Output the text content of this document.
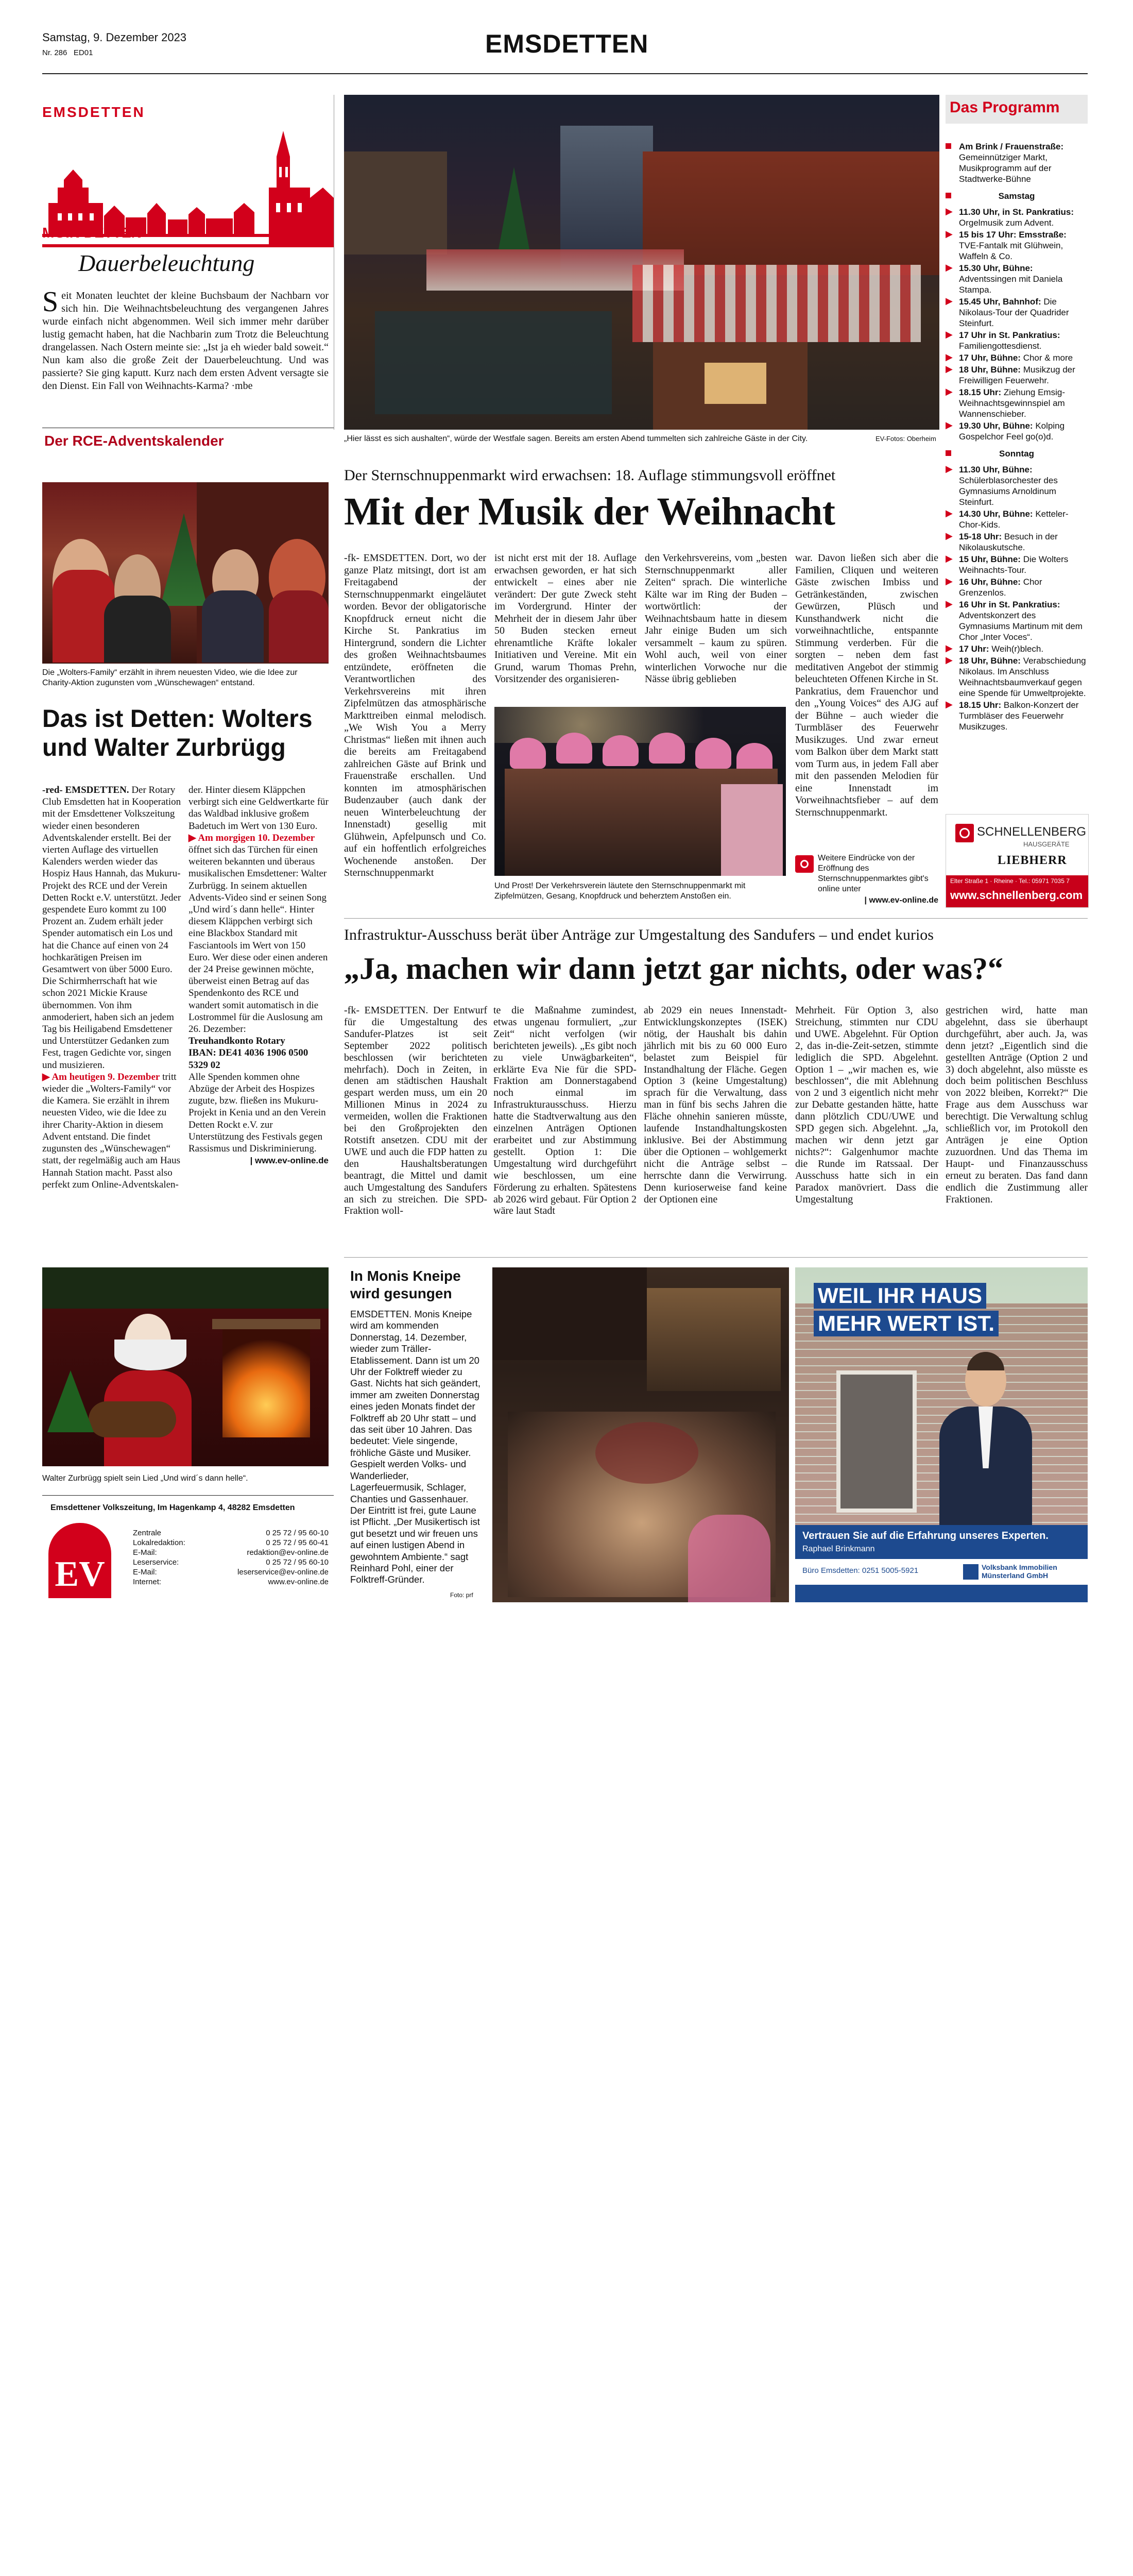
Samstag, 9. Dezember 2023
Nr. 286 ED01	EMSDETTEN
EMSDETTEN
MOIN DETTEN
Dauerbeleuchtung
Seit Monaten leuchtet der kleine Buchsbaum der Nachbarn vor sich hin. Die Weihnachtsbeleuchtung des vergangenen Jahres wurde einfach nicht abgenommen. Weil sich immer mehr darüber lustig gemacht haben, hat die Nachbarin zum Trotz die Beleuchtung drangelassen. Nach Ostern meinte sie: „Ist ja eh wieder bald soweit.“ Nun kam also die große Zeit der Dauerbeleuchtung. Und was passierte? Sie ging kaputt. Kurz nach dem ersten Advent versagte sie den Dienst. Ein Fall von Weihnachts-Karma? ·mbe
Der RCE-Adventskalender
Die „Wolters-Family“ erzählt in ihrem neuesten Video, wie die Idee zur Charity-Aktion zugunsten vom „Wünschewagen“ entstand.
Das ist Detten: Wolters und Walter Zurbrügg

-red- EMSDETTEN. Der Rotary Club Emsdetten hat in Kooperation mit der Emsdettener Volkszeitung wieder einen besonderen Adventskalender erstellt. Bei der vierten Auflage des virtuellen Kalenders werden wieder das Hospiz Haus Hannah, das Mukuru-Projekt des RCE und der Verein Detten Rockt e.V. unterstützt. Jeder gespendete Euro kommt zu 100 Prozent an. Zudem erhält jeder Spender automatisch ein Los und hat die Chance auf einen von 24 hochkarätigen Preisen im Gesamtwert von über 5000 Euro. Die Schirmherrschaft hat wie schon 2021 Mickie Krause übernommen. Von ihm anmoderiert, haben sich an jedem Tag bis Heiligabend Emsdettener und Unterstützer Gedanken zum Fest, tragen Gedichte vor, singen und musizieren.

▶ Am heutigen 9. Dezember tritt wieder die „Wolters-Family“ vor die Kamera. Sie erzählt in ihrem neuesten Video, wie die Idee zu ihrer Charity-Aktion in diesem Advent entstand. Die findet zugunsten des „Wünschewagen“ statt, der regelmäßig auch am Haus Hannah Station macht. Passt also perfekt zum Online-Adventskalen-

der. Hinter diesem Kläppchen verbirgt sich eine Geldwertkarte für das Waldbad inklusive großem Badetuch im Wert von 130 Euro.

▶ Am morgigen 10. Dezember öffnet sich das Türchen für einen weiteren bekannten und überaus musikalischen Emsdettener: Walter Zurbrügg. In seinem aktuellen Advents-Video sind er seinen Song „Und wird´s dann helle“. Hinter diesem Kläppchen verbirgt sich eine Blackbox Standard mit Fasciantools im Wert von 150 Euro. Wer diese oder einen anderen der 24 Preise gewinnen möchte, überweist einen Betrag auf das Spendenkonto des RCE und wandert somit automatisch in die Lostrommel für die Auslosung am 26. Dezember:

Treuhandkonto Rotary

IBAN: DE41 4036 1906 0500 5329 02

Alle Spenden kommen ohne Abzüge der Arbeit des Hospizes zugute, bzw. fließen ins Mukuru-Projekt in Kenia und an den Verein Detten Rockt e.V. zur Unterstützung des Festivals gegen Rassismus und Diskriminierung.

| www.ev-online.de

Walter Zurbrügg spielt sein Lied „Und wird´s dann helle“.
Emsdettener Volkszeitung, Im Hagenkamp 4, 48282 Emsdetten
EV
Zentrale	0 25 72 / 95 60-10
Lokalredaktion:	0 25 72 / 95 60-41
E-Mail:	redaktion@ev-online.de
Leserservice:	0 25 72 / 95 60-10
E-Mail:	leserservice@ev-online.de
Internet:	www.ev-online.de
„Hier lässt es sich aushalten“, würde der Westfale sagen. Bereits am ersten Abend tummelten sich zahlreiche Gäste in der City.	EV-Fotos: Oberheim
Der Sternschnuppenmarkt wird erwachsen: 18. Auflage stimmungsvoll eröffnet
Mit der Musik der Weihnacht
-fk- EMSDETTEN. Dort, wo der ganze Platz mitsingt, dort ist am Freitagabend der Sternschnuppenmarkt eingeläutet worden. Bevor der obligatorische Knopfdruck erneut nicht die Kirche St. Pankratius im Hintergrund, sondern die Lichter des großen Weihnachtsbaumes entzündete, eröffneten die Verantwortlichen des Verkehrsvereins mit ihren Zipfelmützen das atmosphärische Markttreiben einmal melodisch. „We Wish You a Merry Christmas“ ließen mit ihnen auch die bereits am Freitagabend zahlreichen Gäste auf Brink und Frauenstraße erschallen. Und konnten im atmosphärischen Budenzauber (auch dank der neuen Winterbeleuchtung der Innenstadt) gesellig mit Glühwein, Apfelpunsch und Co. auf ein hoffentlich erfolgreiches Wochenende anstoßen. Der Sternschnuppenmarkt
ist nicht erst mit der 18. Auflage erwachsen geworden, er hat sich entwickelt – eines aber nie verändert: Der gute Zweck steht im Vordergrund. Hinter der Mehrheit der in diesem Jahr über 50 Buden stecken erneut ehrenamtliche Kräfte lokaler Initiativen und Vereine. Mit ein Grund, warum Thomas Prehn, Vorsitzender des organisieren-
den Verkehrsvereins, vom „besten Sternschnuppenmarkt aller Zeiten“ sprach. Die winterliche Kälte war im Ring der Buden – wortwörtlich: der Weihnachtsbaum hatte in diesem Jahr einige Buden um sich versammelt – kaum zu spüren. Wohl auch, weil von einer winterlichen Vorwoche nur die Nässe übrig geblieben
war. Davon ließen sich aber die Familien, Cliquen und weiteren Gäste zwischen Imbiss und Getränkeständen, zwischen Gewürzen, Plüsch und Kunsthandwerk nicht die vorweihnachtliche, entspannte Stimmung verderben. Für die sorgten – neben dem fast meditativen Angebot der stimmig beleuchteten Offenen Kirche in St. Pankratius, dem Frauenchor und den „Young Voices“ des AJG auf der Bühne – auch wieder die Turmbläser des Feuerwehr Musikzuges. Und zwar erneut vom Balkon über dem Markt statt vom Turm aus, in jedem Fall aber mit den passenden Melodien für eine Innenstadt im Vorweihnachtsfieber – auf dem Sternschnuppenmarkt.
Und Prost! Der Verkehrsverein läutete den Sternschnuppenmarkt mit Zipfelmützen, Gesang, Knopfdruck und beherztem Anstoßen ein.
Weitere Eindrücke von der Eröffnung des Sternschnuppenmarktes gibt's online unter
| www.ev-online.de
Das Programm
Am Brink / Frauenstraße: Gemeinnütziger Markt, Musikprogramm auf der Stadtwerke-Bühne
Samstag
▶ 11.30 Uhr, in St. Pankratius: Orgelmusik zum Advent.
▶ 15 bis 17 Uhr: Emsstraße: TVE-Fantalk mit Glühwein, Waffeln & Co.
▶ 15.30 Uhr, Bühne: Adventssingen mit Daniela Stampa.
▶ 15.45 Uhr, Bahnhof: Die Nikolaus-Tour der Quadrider Steinfurt.
▶ 17 Uhr in St. Pankratius: Familiengottesdienst.
▶ 17 Uhr, Bühne: Chor & more
▶ 18 Uhr, Bühne: Musikzug der Freiwilligen Feuerwehr.
▶ 18.15 Uhr: Ziehung Emsig-Weihnachtsgewinnspiel am Wannenschieber.
▶ 19.30 Uhr, Bühne: Kolping Gospelchor Feel go(o)d.
Sonntag
▶ 11.30 Uhr, Bühne: Schülerblasorchester des Gymnasiums Arnoldinum Steinfurt.
▶ 14.30 Uhr, Bühne: Ketteler-Chor-Kids.
▶ 15-18 Uhr: Besuch in der Nikolauskutsche.
▶ 15 Uhr, Bühne: Die Wolters Weihnachts-Tour.
▶ 16 Uhr, Bühne: Chor Grenzenlos.
▶ 16 Uhr in St. Pankratius: Adventskonzert des Gymnasiums Martinum mit dem Chor „Inter Voces“.
▶ 17 Uhr: Weih(r)blech.
▶ 18 Uhr, Bühne: Verabschiedung Nikolaus. Im Anschluss Weihnachtsbaumverkauf gegen eine Spende für Umweltprojekte.
▶ 18.15 Uhr: Balkon-Konzert der Turmbläser des Feuerwehr Musikzuges.
SCHNELLENBERG
HAUSGERÄTE
LIEBHERR
Elter Straße 1 · Rheine · Tel.: 05971 7035 7
www.schnellenberg.com
Infrastruktur-Ausschuss berät über Anträge zur Umgestaltung des Sandufers – und endet kurios
„Ja, machen wir dann jetzt gar nichts, oder was?“
-fk- EMSDETTEN. Der Entwurf für die Umgestaltung des Sandufer-Platzes ist seit September 2022 politisch beschlossen (wir berichteten mehrfach). Doch in Zeiten, in denen am städtischen Haushalt gespart werden muss, um ein 20 Millionen Minus in 2024 zu vermeiden, wollen die Fraktionen bei den Großprojekten den Rotstift ansetzen. CDU mit der UWE und auch die FDP hatten zu den Haushaltsberatungen beantragt, die Mittel und damit auch Umgestaltung des Sandufers an sich zu streichen. Die SPD-Fraktion woll-
te die Maßnahme zumindest, etwas ungenau formuliert, „zur Zeit“ nicht verfolgen (wir berichteten jeweils). „Es gibt noch zu viele Unwägbarkeiten“, erklärte Eva Nie für die SPD-Fraktion am Donnerstagabend noch einmal im Infrastrukturausschuss. Hierzu hatte die Stadtverwaltung aus den einzelnen Anträgen Optionen erarbeitet und zur Abstimmung gestellt. Option 1: Die Umgestaltung wird durchgeführt wie beschlossen, um eine Förderung zu erhalten. Spätestens ab 2026 wird gebaut. Für Option 2 wäre laut Stadt
ab 2029 ein neues Innenstadt-Entwicklungskonzeptes (ISEK) nötig, der Haushalt bis dahin jährlich mit bis zu 60 000 Euro belastet zum Beispiel für Instandhaltung der Fläche. Gegen Option 3 (keine Umgestaltung) sprach für die Verwaltung, dass man in fünf bis sechs Jahren die Fläche ohnehin sanieren müsste, laufende Instandhaltungskosten inklusive. Bei der Abstimmung über die Optionen – wohlgemerkt nicht die Anträge selbst – herrschte dann die Verwirrung. Denn kurioserweise fand keine der Optionen eine
Mehrheit. Für Option 3, also Streichung, stimmten nur CDU und UWE. Abgelehnt. Für Option 2, das in-die-Zeit-setzen, stimmte lediglich die SPD. Abgelehnt. Option 1 – „wir machen es, wie beschlossen“, die mit Ablehnung von 2 und 3 eigentlich nicht mehr zur Debatte gestanden hätte, hatte dann plötzlich CDU/UWE und SPD gegen sich. Abgelehnt. „Ja, machen wir denn jetzt gar nichts?“: Galgenhumor machte die Runde im Ratssaal. Der Ausschuss hatte sich in ein Paradox manövriert. Dass die Umgestaltung
gestrichen wird, hatte man abgelehnt, dass sie überhaupt durchgeführt, aber auch. Ja, was denn jetzt? „Eigentlich sind die gestellten Anträge (Option 2 und 3) doch abgelehnt, also müsste es doch beim politischen Beschluss von 2022 bleiben, Korrekt?“ Die Frage aus dem Ausschuss war berechtigt. Die Verwaltung schlug schließlich vor, im Protokoll den Anträgen je eine Option zuzuordnen. Und das Thema im Haupt- und Finanzausschuss erneut zu beraten. Das fand dann endlich die Zustimmung aller Fraktionen.
In Monis Kneipe wird gesungen
EMSDETTEN. Monis Kneipe wird am kommenden Donnerstag, 14. Dezember, wieder zum Träller-Etablissement. Dann ist um 20 Uhr der Folktreff wieder zu Gast. Nichts hat sich geändert, immer am zweiten Donnerstag eines jeden Monats findet der Folktreff ab 20 Uhr statt – und das seit über 10 Jahren. Das bedeutet: Viele singende, fröhliche Gäste und Musiker. Gespielt werden Volks- und Wanderlieder, Lagerfeuermusik, Schlager, Chanties und Gassenhauer. Der Eintritt ist frei, gute Laune ist Pflicht. „Der Musikertisch ist gut besetzt und wir freuen uns auf einen lustigen Abend in gewohntem Ambiente.“ sagt Reinhard Pohl, einer der Folktreff-Gründer.
Foto: prf
WEIL IHR HAUS
MEHR WERT IST.
Vertrauen Sie auf die Erfahrung unseres Experten.
Raphael Brinkmann
Büro Emsdetten: 0251 5005-5921	Volksbank Immobilien Münsterland GmbH
